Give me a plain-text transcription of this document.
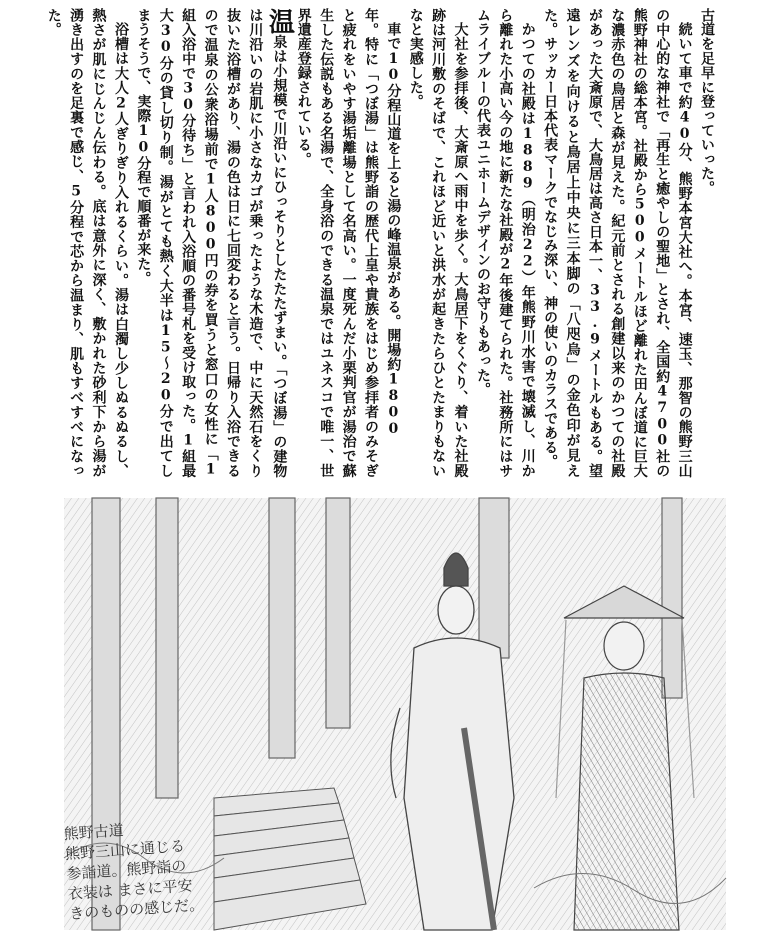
古道を足早に登っていった。

続いて車で約40分、熊野本宮大社へ。本宮、速玉、那智の熊野三山の中心的な神社で「再生と癒やしの聖地」とされ、全国約4700社の熊野神社の総本宮。社殿から500メートルほど離れた田んぼ道に巨大な濃赤色の鳥居と森が見えた。紀元前とされる創建以来のかつての社殿があった大斎原で、大鳥居は高さ日本一、33.9メートルもある。望遠レンズを向けると鳥居上中央に三本脚の「八咫烏」の金色印が見えた。サッカー日本代表マークでなじみ深い、神の使いのカラスである。

かつての社殿は1889（明治22）年熊野川水害で壊滅し、川から離れた小高い今の地に新たな社殿が2年後建てられた。社務所にはサムライブルーの代表ユニホームデザインのお守りもあった。

大社を参拝後、大斎原へ雨中を歩く。大鳥居下をくぐり、着いた社殿跡は河川敷のそばで、これほど近いと洪水が起きたらひとたまりもないなと実感した。

車で10分程山道を上ると湯の峰温泉がある。開場約1800

年。特に「つぼ湯」は熊野詣の歴代上皇や貴族をはじめ参拝者のみそぎと疲れをいやす湯垢離場として名高い。一度死んだ小栗判官が湯治で蘇生した伝説もある名湯で、全身浴のできる温泉ではユネスコで唯一、世界遺産登録されている。

温泉は小規模で川沿いにひっそりとしたたたずまい。「つぼ湯」の建物は川沿いの岩肌に小さなカゴが乗ったような木造で、中に天然石をくり抜いた浴槽があり、湯の色は日に七回変わると言う。日帰り入浴できるので温泉の公衆浴場前で1人800円の券を買うと窓口の女性に「1組入浴中で30分待ち」と言われ入浴順の番号札を受け取った。1組最大30分の貸し切り制。湯がとても熱く大半は15〜20分で出てしまうそうで、実際10分程で順番が来た。

浴槽は大人2人ぎりぎり入れるくらい。湯は白濁し少しぬるぬるし、熱さが肌にじんじん伝わる。底は意外に深く、敷かれた砂利下から湯が湧き出すのを足裏で感じ、5分程で芯から温まり、肌もすべすべになった。

熊野古道
熊野三山に通じる
参詣道。熊野詣の
衣装は まさに平安
きのものの感じだ。
